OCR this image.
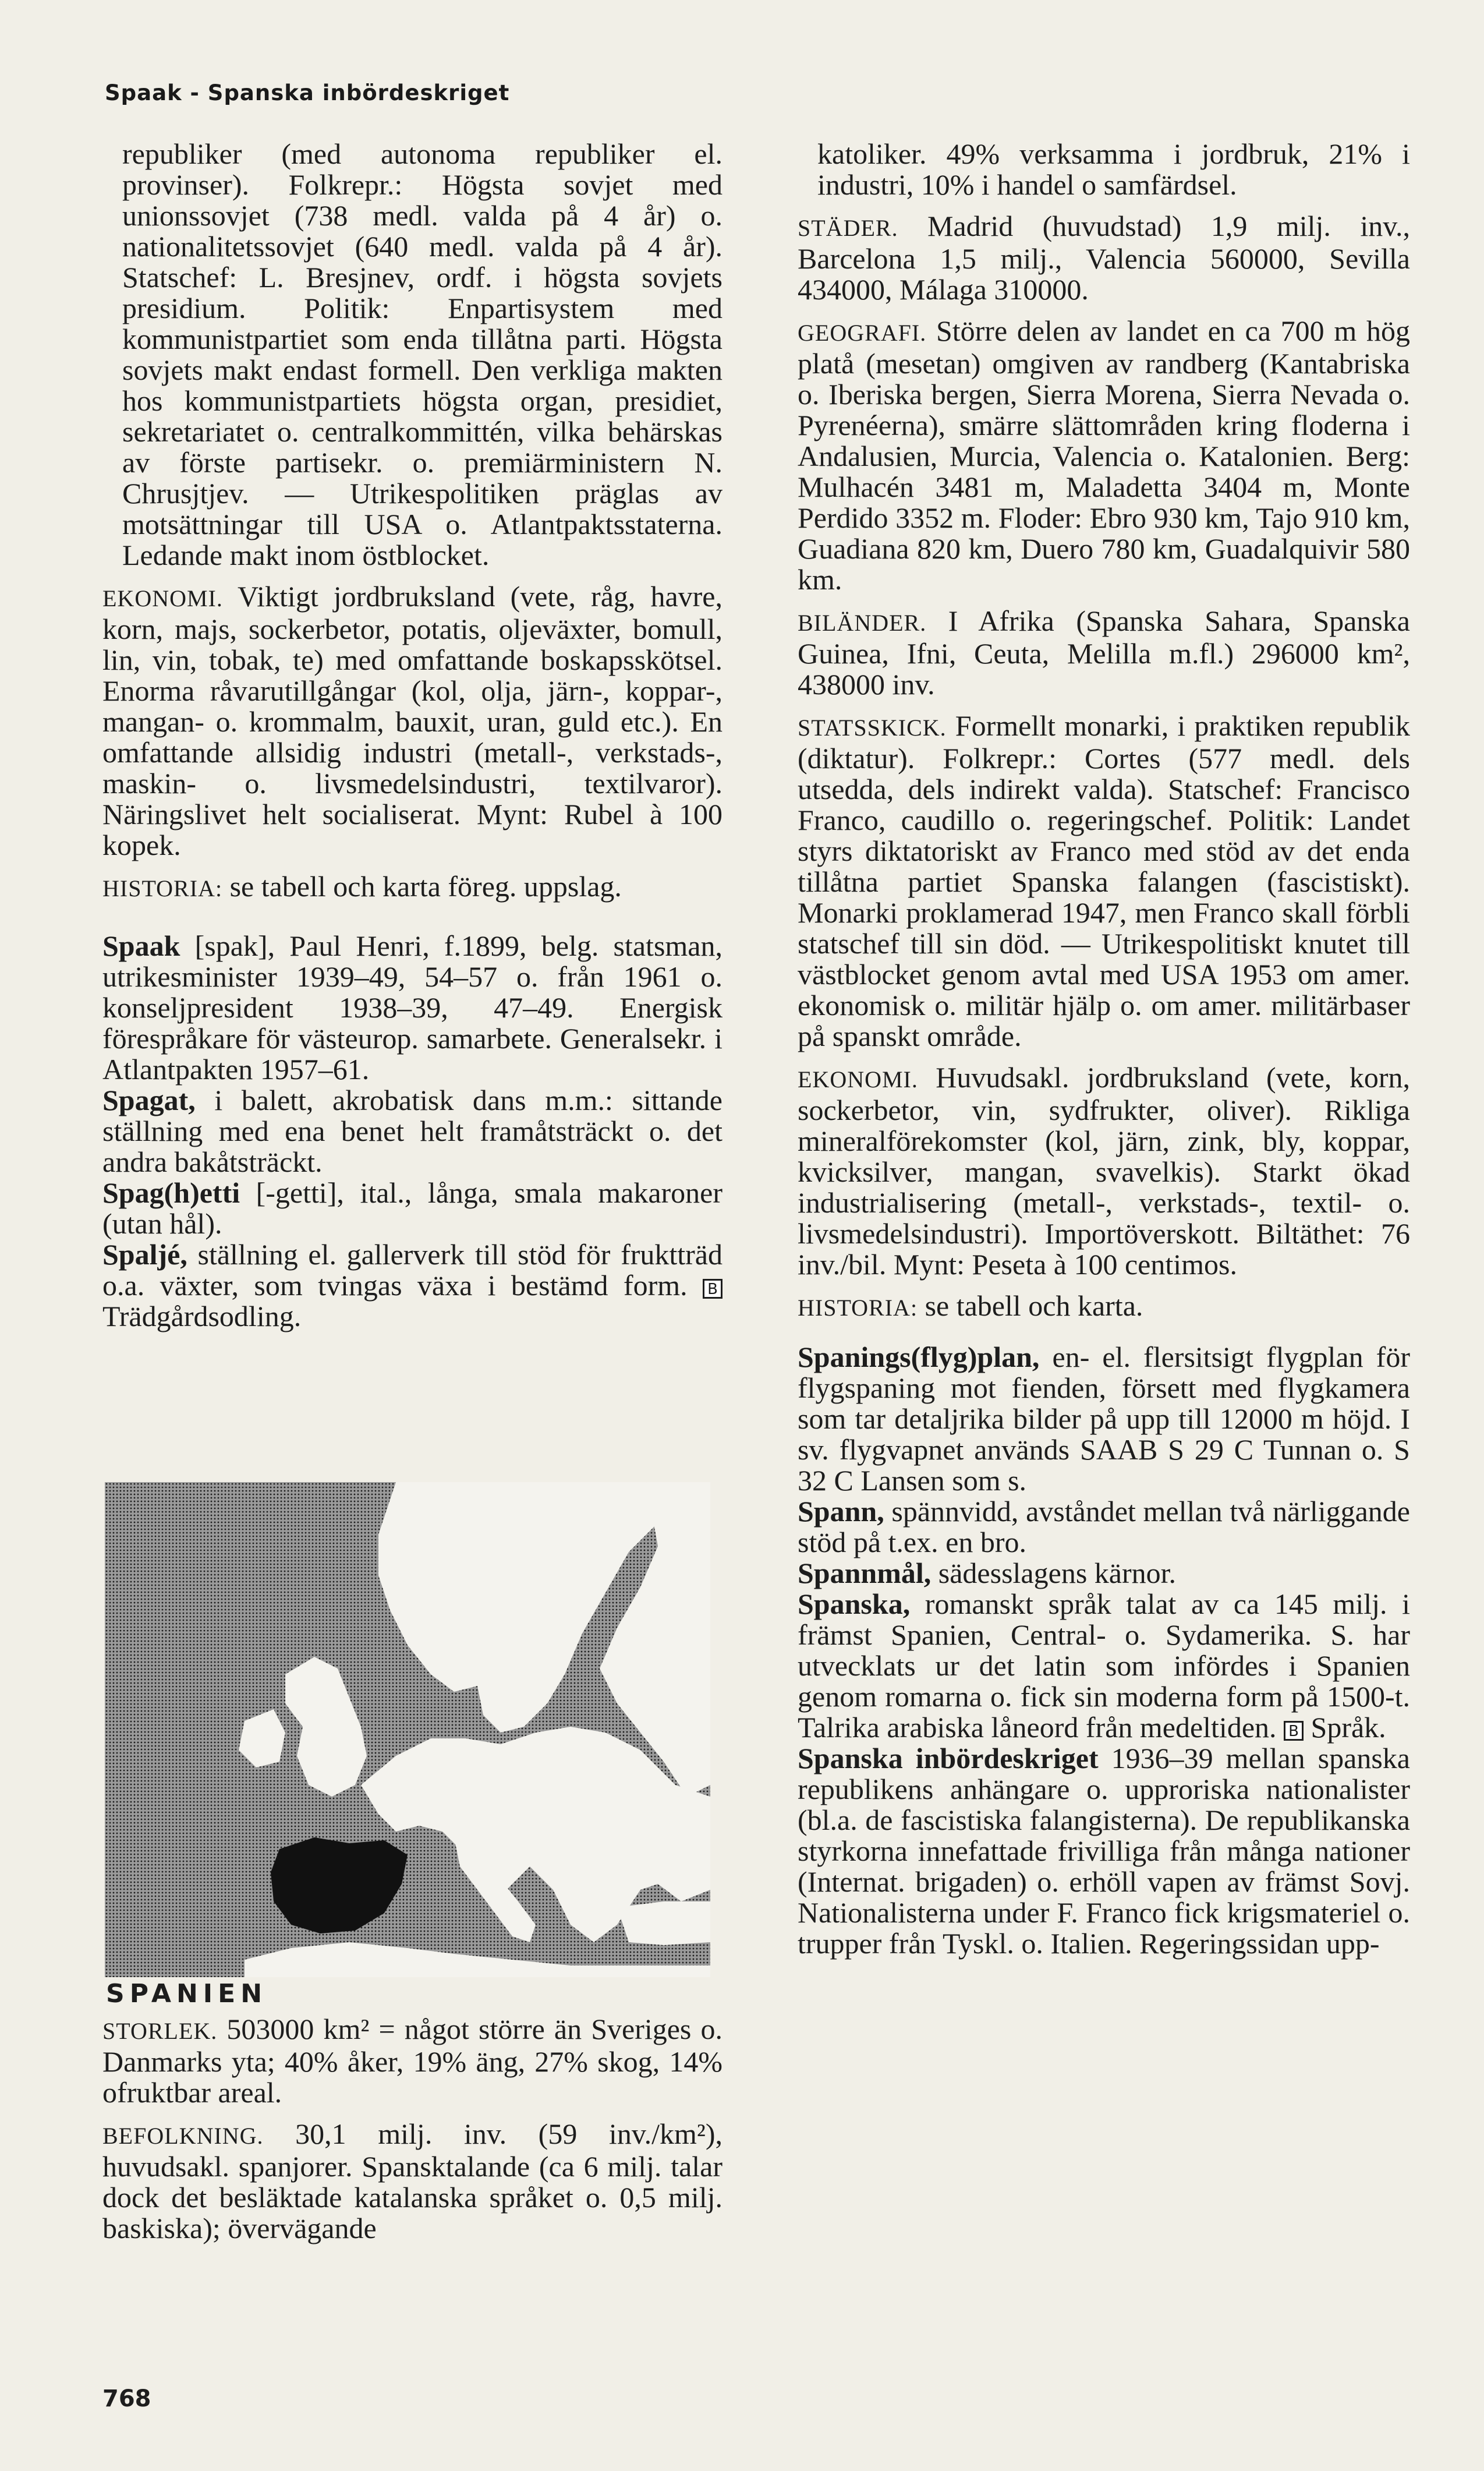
Spaak - Spanska inbördeskriget

republiker (med autonoma republiker el. provinser). Folkrepr.: Högsta sovjet med unionssovjet (738 medl. valda på 4 år) o. nationalitetssovjet (640 medl. valda på 4 år). Statschef: L. Bresjnev, ordf. i högsta sovjets presidium. Politik: Enpartisystem med kommunistpartiet som enda tillåtna parti. Högsta sovjets makt endast formell. Den verkliga makten hos kommunistpartiets högsta organ, presidiet, sekretariatet o. centralkommittén, vilka behärskas av förste partisekr. o. premiärministern N. Chrusjtjev. — Utrikespolitiken präglas av motsättningar till USA o. Atlantpaktsstaterna. Ledande makt inom östblocket.

EKONOMI. Viktigt jordbruksland (vete, råg, havre, korn, majs, sockerbetor, potatis, oljeväxter, bomull, lin, vin, tobak, te) med omfattande boskapsskötsel. Enorma råvarutillgångar (kol, olja, järn-, koppar-, mangan- o. krommalm, bauxit, uran, guld etc.). En omfattande allsidig industri (metall-, verkstads-, maskin- o. livsmedelsindustri, textilvaror). Näringslivet helt socialiserat. Mynt: Rubel à 100 kopek.

HISTORIA: se tabell och karta föreg. uppslag.

Spaak [spak], Paul Henri, f.1899, belg. statsman, utrikesminister 1939–49, 54–57 o. från 1961 o. konseljpresident 1938–39, 47–49. Energisk förespråkare för västeurop. samarbete. Generalsekr. i Atlantpakten 1957–61.

Spagat, i balett, akrobatisk dans m.m.: sittande ställning med ena benet helt framåtsträckt o. det andra bakåtsträckt.

Spag(h)etti [-getti], ital., långa, smala makaroner (utan hål).

Spaljé, ställning el. gallerverk till stöd för fruktträd o.a. växter, som tvingas växa i bestämd form. B Trädgårdsodling.

SPANIEN

STORLEK. 503000 km² = något större än Sveriges o. Danmarks yta; 40% åker, 19% äng, 27% skog, 14% ofruktbar areal.

BEFOLKNING. 30,1 milj. inv. (59 inv./km²), huvudsakl. spanjorer. Spansktalande (ca 6 milj. talar dock det besläktade katalanska språket o. 0,5 milj. baskiska); övervägande

768

katoliker. 49% verksamma i jordbruk, 21% i industri, 10% i handel o samfärdsel.

STÄDER. Madrid (huvudstad) 1,9 milj. inv., Barcelona 1,5 milj., Valencia 560000, Sevilla 434000, Málaga 310000.

GEOGRAFI. Större delen av landet en ca 700 m hög platå (mesetan) omgiven av randberg (Kantabriska o. Iberiska bergen, Sierra Morena, Sierra Nevada o. Pyrenéerna), smärre slättområden kring floderna i Andalusien, Murcia, Valencia o. Katalonien. Berg: Mulhacén 3481 m, Maladetta 3404 m, Monte Perdido 3352 m. Floder: Ebro 930 km, Tajo 910 km, Guadiana 820 km, Duero 780 km, Guadalquivir 580 km.

BILÄNDER. I Afrika (Spanska Sahara, Spanska Guinea, Ifni, Ceuta, Melilla m.fl.) 296000 km², 438000 inv.

STATSSKICK. Formellt monarki, i praktiken republik (diktatur). Folkrepr.: Cortes (577 medl. dels utsedda, dels indirekt valda). Statschef: Francisco Franco, caudillo o. regeringschef. Politik: Landet styrs diktatoriskt av Franco med stöd av det enda tillåtna partiet Spanska falangen (fascistiskt). Monarki proklamerad 1947, men Franco skall förbli statschef till sin död. — Utrikespolitiskt knutet till västblocket genom avtal med USA 1953 om amer. ekonomisk o. militär hjälp o. om amer. militärbaser på spanskt område.

EKONOMI. Huvudsakl. jordbruksland (vete, korn, sockerbetor, vin, sydfrukter, oliver). Rikliga mineralförekomster (kol, järn, zink, bly, koppar, kvicksilver, mangan, svavelkis). Starkt ökad industrialisering (metall-, verkstads-, textil- o. livsmedelsindustri). Importöverskott. Biltäthet: 76 inv./bil. Mynt: Peseta à 100 centimos.

HISTORIA: se tabell och karta.

Spanings(flyg)plan, en- el. flersitsigt flygplan för flygspaning mot fienden, försett med flygkamera som tar detaljrika bilder på upp till 12000 m höjd. I sv. flygvapnet används SAAB S 29 C Tunnan o. S 32 C Lansen som s.

Spann, spännvidd, avståndet mellan två närliggande stöd på t.ex. en bro.

Spannmål, sädesslagens kärnor.

Spanska, romanskt språk talat av ca 145 milj. i främst Spanien, Central- o. Sydamerika. S. har utvecklats ur det latin som infördes i Spanien genom romarna o. fick sin moderna form på 1500-t. Talrika arabiska låneord från medeltiden. B Språk.

Spanska inbördeskriget 1936–39 mellan spanska republikens anhängare o. upproriska nationalister (bl.a. de fascistiska falangisterna). De republikanska styrkorna innefattade frivilliga från många nationer (Internat. brigaden) o. erhöll vapen av främst Sovj. Nationalisterna under F. Franco fick krigsmateriel o. trupper från Tyskl. o. Italien. Regeringssidan upp-
